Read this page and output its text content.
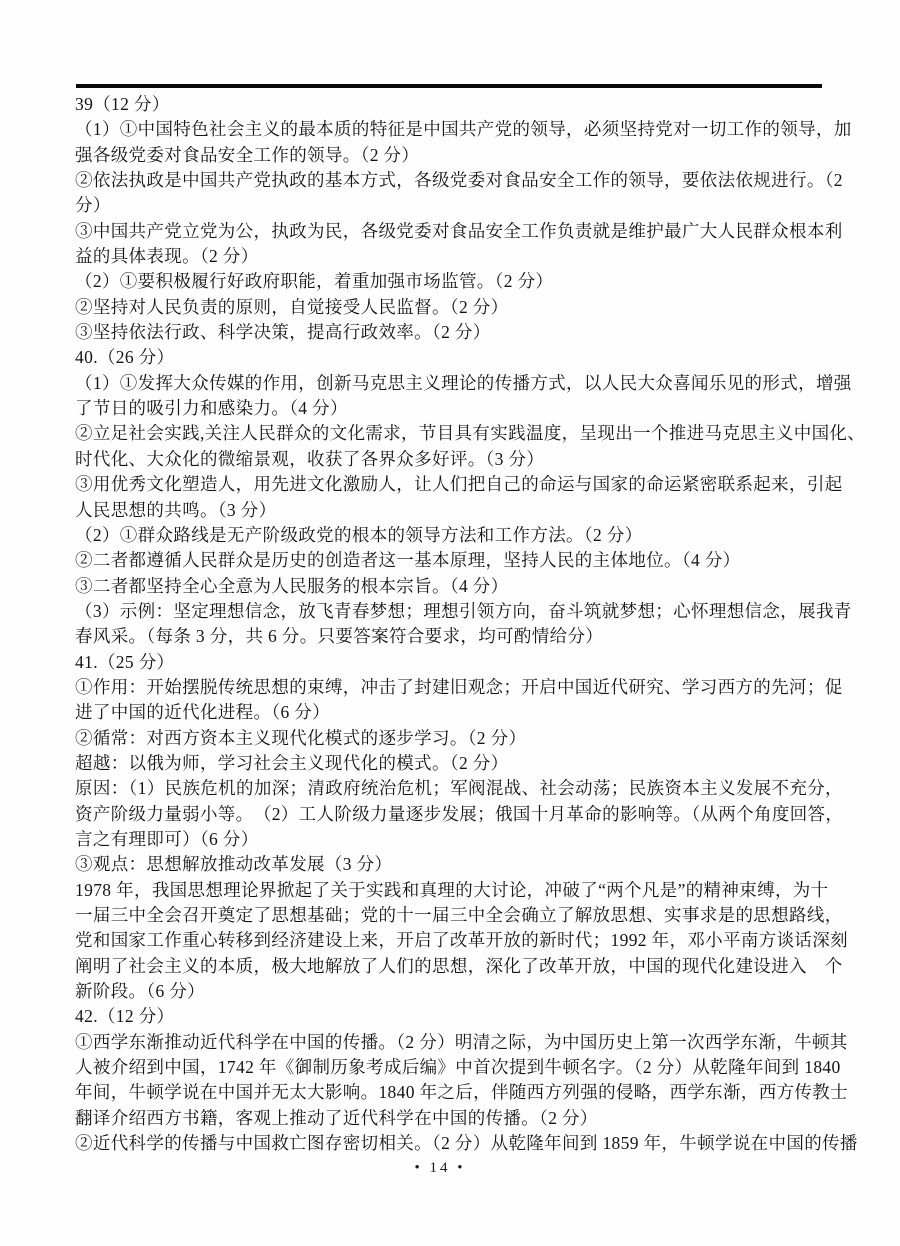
39（12 分）
（1）①中国特色社会主义的最本质的特征是中国共产党的领导，必须坚持党对一切工作的领导，加
强各级党委对食品安全工作的领导。（2 分）
②依法执政是中国共产党执政的基本方式，各级党委对食品安全工作的领导，要依法依规进行。（2
分）
③中国共产党立党为公，执政为民，各级党委对食品安全工作负责就是维护最广大人民群众根本利
益的具体表现。（2 分）
（2）①要积极履行好政府职能，着重加强市场监管。（2 分）
②坚持对人民负责的原则，自觉接受人民监督。（2 分）
③坚持依法行政、科学决策，提高行政效率。（2 分）
40.（26 分）
（1）①发挥大众传媒的作用，创新马克思主义理论的传播方式，以人民大众喜闻乐见的形式，增强
了节日的吸引力和感染力。（4 分）
②立足社会实践,关注人民群众的文化需求，节目具有实践温度，呈现出一个推进马克思主义中国化、
时代化、大众化的微缩景观，收获了各界众多好评。（3 分）
③用优秀文化塑造人，用先进文化激励人，让人们把自己的命运与国家的命运紧密联系起来，引起
人民思想的共鸣。（3 分）
（2）①群众路线是无产阶级政党的根本的领导方法和工作方法。（2 分）
②二者都遵循人民群众是历史的创造者这一基本原理，坚持人民的主体地位。（4 分）
③二者都坚持全心全意为人民服务的根本宗旨。（4 分）
（3）示例：坚定理想信念，放飞青春梦想；理想引领方向，奋斗筑就梦想；心怀理想信念，展我青
春风采。（每条 3 分，共 6 分。只要答案符合要求，均可酌情给分）
41.（25 分）
①作用：开始摆脱传统思想的束缚，冲击了封建旧观念；开启中国近代研究、学习西方的先河；促
进了中国的近代化进程。（6 分）
②循常：对西方资本主义现代化模式的逐步学习。（2 分）
超越：以俄为师，学习社会主义现代化的模式。（2 分）
原因：（1）民族危机的加深；清政府统治危机；军阀混战、社会动荡；民族资本主义发展不充分，
资产阶级力量弱小等。　（2）工人阶级力量逐步发展；俄国十月革命的影响等。（从两个角度回答，
言之有理即可）（6 分）
③观点：思想解放推动改革发展（3 分）
1978 年，我国思想理论界掀起了关于实践和真理的大讨论，冲破了“两个凡是”的精神束缚，为十
一届三中全会召开奠定了思想基础；党的十一届三中全会确立了解放思想、实事求是的思想路线，
党和国家工作重心转移到经济建设上来，开启了改革开放的新时代；1992 年，邓小平南方谈话深刻
阐明了社会主义的本质，极大地解放了人们的思想，深化了改革开放，中国的现代化建设进入　个
新阶段。（6 分）
42.（12 分）
①西学东渐推动近代科学在中国的传播。（2 分）明清之际，为中国历史上第一次西学东渐，牛顿其
人被介绍到中国，1742 年《御制历象考成后编》中首次提到牛顿名字。（2 分）从乾隆年间到 1840
年间，牛顿学说在中国并无太大影响。1840 年之后，伴随西方列强的侵略，西学东渐，西方传教士
翻译介绍西方书籍，客观上推动了近代科学在中国的传播。（2 分）
②近代科学的传播与中国救亡图存密切相关。（2 分）从乾隆年间到 1859 年，牛顿学说在中国的传播
• 14 •
